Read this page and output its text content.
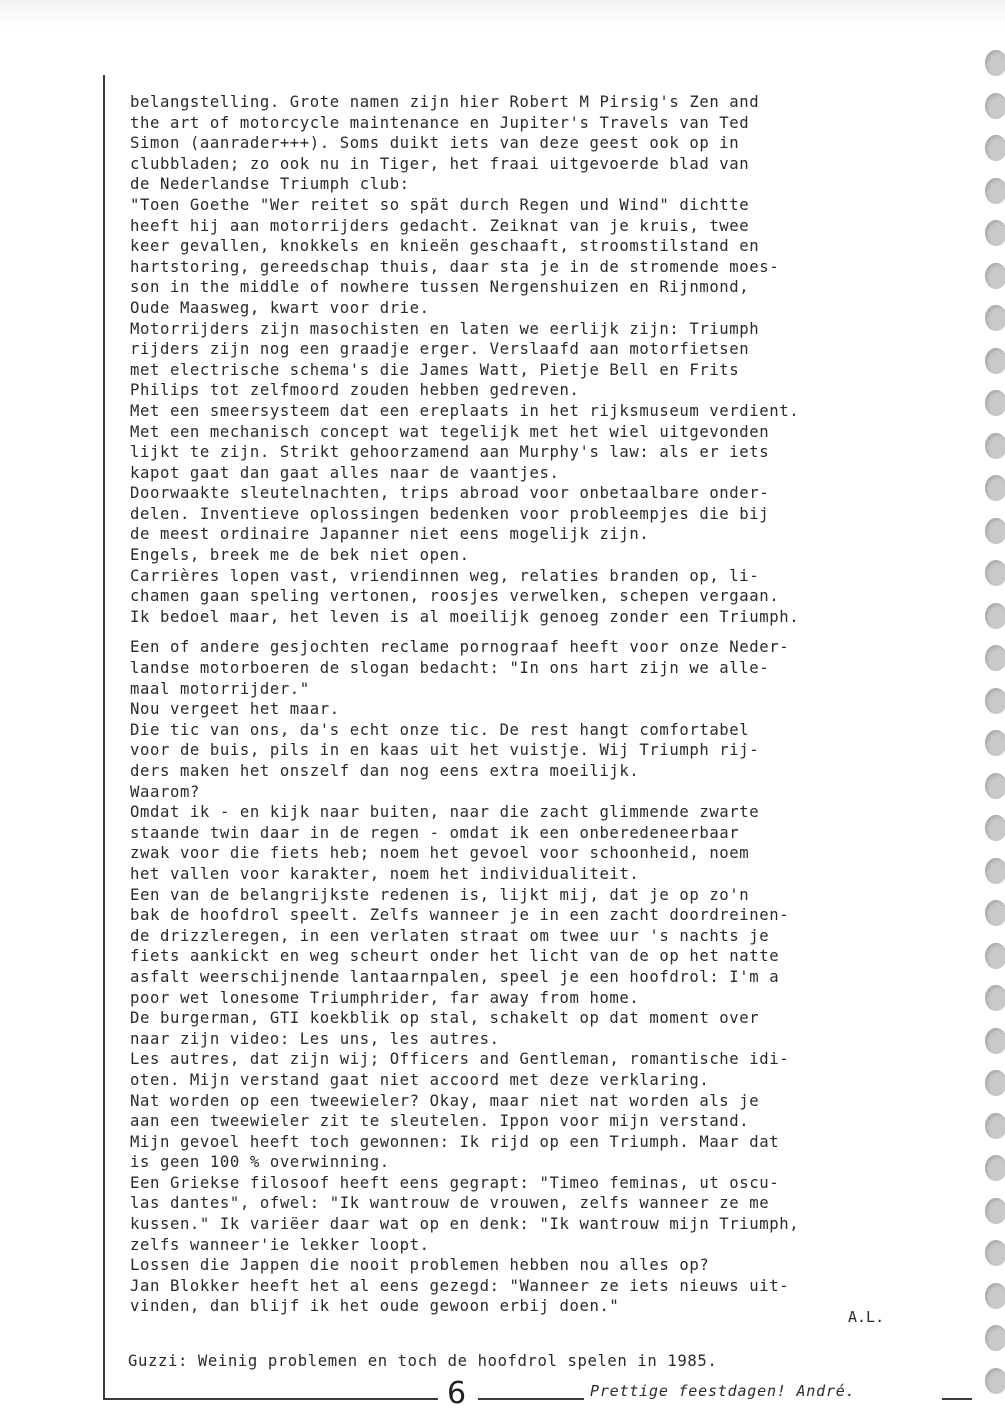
belangstelling. Grote namen zijn hier Robert M Pirsig's Zen and
the art of motorcycle maintenance en Jupiter's Travels van Ted
Simon (aanrader+++). Soms duikt iets van deze geest ook op in
clubbladen; zo ook nu in Tiger, het fraai uitgevoerde blad van
de Nederlandse Triumph club:
"Toen Goethe "Wer reitet so spät durch Regen und Wind" dichtte
heeft hij aan motorrijders gedacht. Zeiknat van je kruis, twee
keer gevallen, knokkels en knieën geschaaft, stroomstilstand en
hartstoring, gereedschap thuis, daar sta je in de stromende moes-
son in the middle of nowhere tussen Nergenshuizen en Rijnmond,
Oude Maasweg, kwart voor drie.
Motorrijders zijn masochisten en laten we eerlijk zijn: Triumph
rijders zijn nog een graadje erger. Verslaafd aan motorfietsen
met electrische schema's die James Watt, Pietje Bell en Frits
Philips tot zelfmoord zouden hebben gedreven.
Met een smeersysteem dat een ereplaats in het rijksmuseum verdient.
Met een mechanisch concept wat tegelijk met het wiel uitgevonden
lijkt te zijn. Strikt gehoorzamend aan Murphy's law: als er iets
kapot gaat dan gaat alles naar de vaantjes.
Doorwaakte sleutelnachten, trips abroad voor onbetaalbare onder-
delen. Inventieve oplossingen bedenken voor probleempjes die bij
de meest ordinaire Japanner niet eens mogelijk zijn.
Engels, breek me de bek niet open.
Carrières lopen vast, vriendinnen weg, relaties branden op, li-
chamen gaan speling vertonen, roosjes verwelken, schepen vergaan.
Ik bedoel maar, het leven is al moeilijk genoeg zonder een Triumph.
Een of andere gesjochten reclame pornograaf heeft voor onze Neder-
landse motorboeren de slogan bedacht: "In ons hart zijn we alle-
maal motorrijder."
Nou vergeet het maar.
Die tic van ons, da's echt onze tic. De rest hangt comfortabel
voor de buis, pils in en kaas uit het vuistje. Wij Triumph rij-
ders maken het onszelf dan nog eens extra moeilijk.
Waarom?
Omdat ik - en kijk naar buiten, naar die zacht glimmende zwarte
staande twin daar in de regen - omdat ik een onberedeneerbaar
zwak voor die fiets heb; noem het gevoel voor schoonheid, noem
het vallen voor karakter, noem het individualiteit.
Een van de belangrijkste redenen is, lijkt mij, dat je op zo'n
bak de hoofdrol speelt. Zelfs wanneer je in een zacht doordreinen-
de drizzleregen, in een verlaten straat om twee uur 's nachts je
fiets aankickt en weg scheurt onder het licht van de op het natte
asfalt weerschijnende lantaarnpalen, speel je een hoofdrol: I'm a
poor wet lonesome Triumphrider, far away from home.
De burgerman, GTI koekblik op stal, schakelt op dat moment over
naar zijn video: Les uns, les autres.
Les autres, dat zijn wij; Officers and Gentleman, romantische idi-
oten. Mijn verstand gaat niet accoord met deze verklaring.
Nat worden op een tweewieler? Okay, maar niet nat worden als je
aan een tweewieler zit te sleutelen. Ippon voor mijn verstand.
Mijn gevoel heeft toch gewonnen: Ik rijd op een Triumph. Maar dat
is geen 100 % overwinning.
Een Griekse filosoof heeft eens gegrapt: "Timeo feminas, ut oscu-
las dantes", ofwel: "Ik wantrouw de vrouwen, zelfs wanneer ze me
kussen." Ik variëer daar wat op en denk: "Ik wantrouw mijn Triumph,
zelfs wanneer'ie lekker loopt.
Lossen die Jappen die nooit problemen hebben nou alles op?
Jan Blokker heeft het al eens gezegd: "Wanneer ze iets nieuws uit-
vinden, dan blijf ik het oude gewoon erbij doen."
A.L.
Guzzi: Weinig problemen en toch de hoofdrol spelen in 1985.
6	Prettige feestdagen! André.
